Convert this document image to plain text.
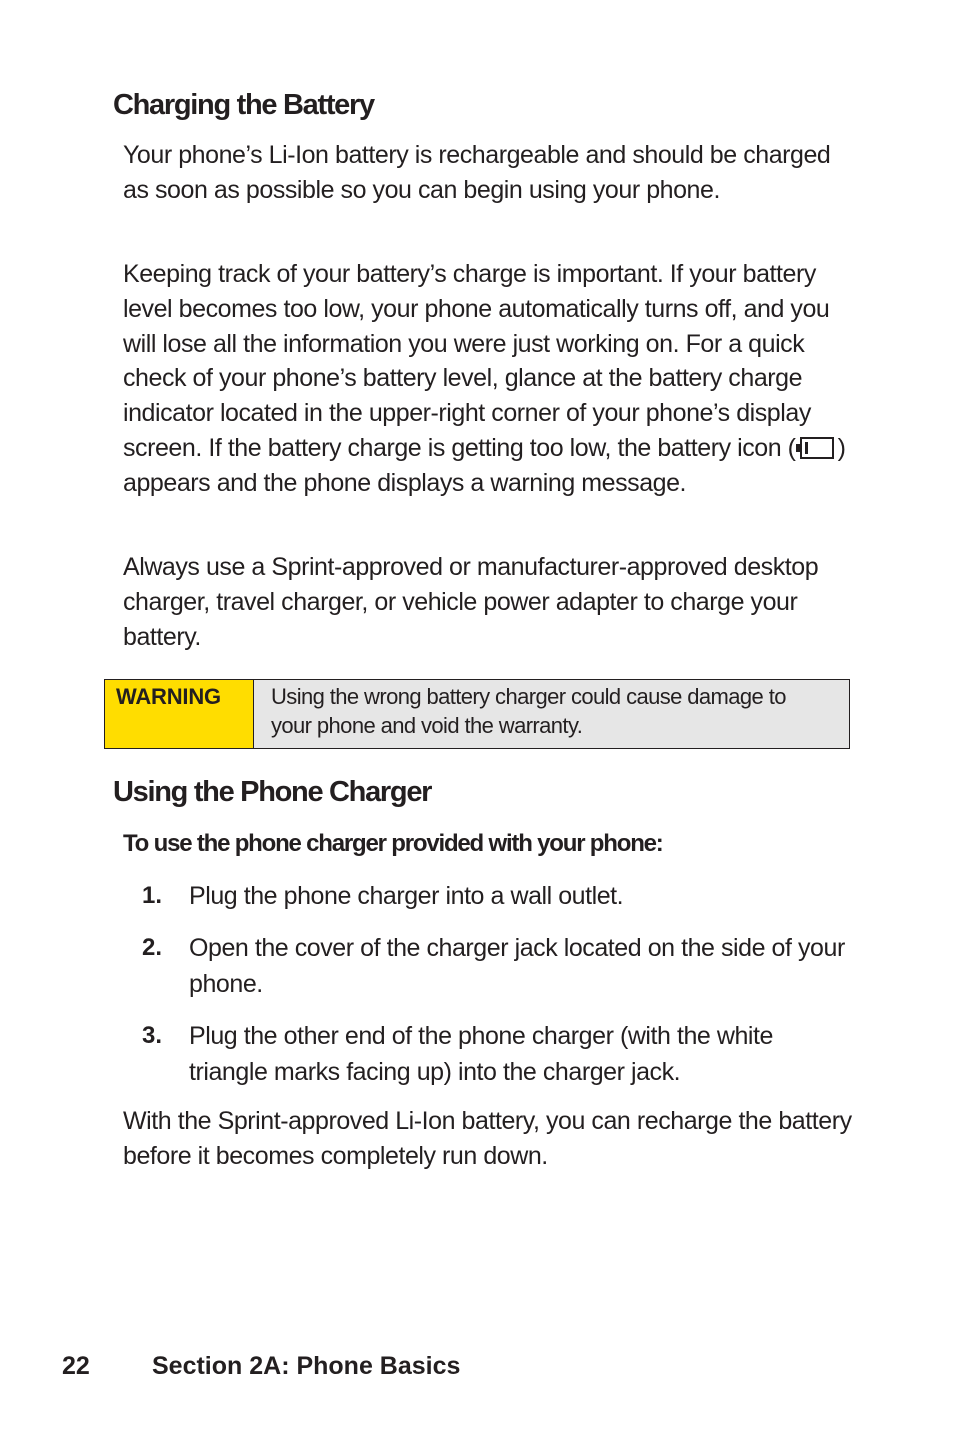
Charging the Battery

Your phone’s Li-Ion battery is rechargeable and should be charged as soon as possible so you can begin using your phone.

Keeping track of your battery’s charge is important. If your battery level becomes too low, your phone automatically turns off, and you will lose all the information you were just working on. For a quick check of your phone’s battery level, glance at the battery charge indicator located in the upper-right corner of your phone’s display screen. If the battery charge is getting too low, the battery icon ( ) appears and the phone displays a warning message.

Always use a Sprint-approved or manufacturer-approved desktop charger, travel charger, or vehicle power adapter to charge your battery.

WARNING	Using the wrong battery charger could cause damage to your phone and void the warranty.
Using the Phone Charger

To use the phone charger provided with your phone:

1.	Plug the phone charger into a wall outlet.
2.	Open the cover of the charger jack located on the side of your phone.
3.	Plug the other end of the phone charger (with the white triangle marks facing up) into the charger jack.

With the Sprint-approved Li-Ion battery, you can recharge the battery before it becomes completely run down.

22 Section 2A: Phone Basics
